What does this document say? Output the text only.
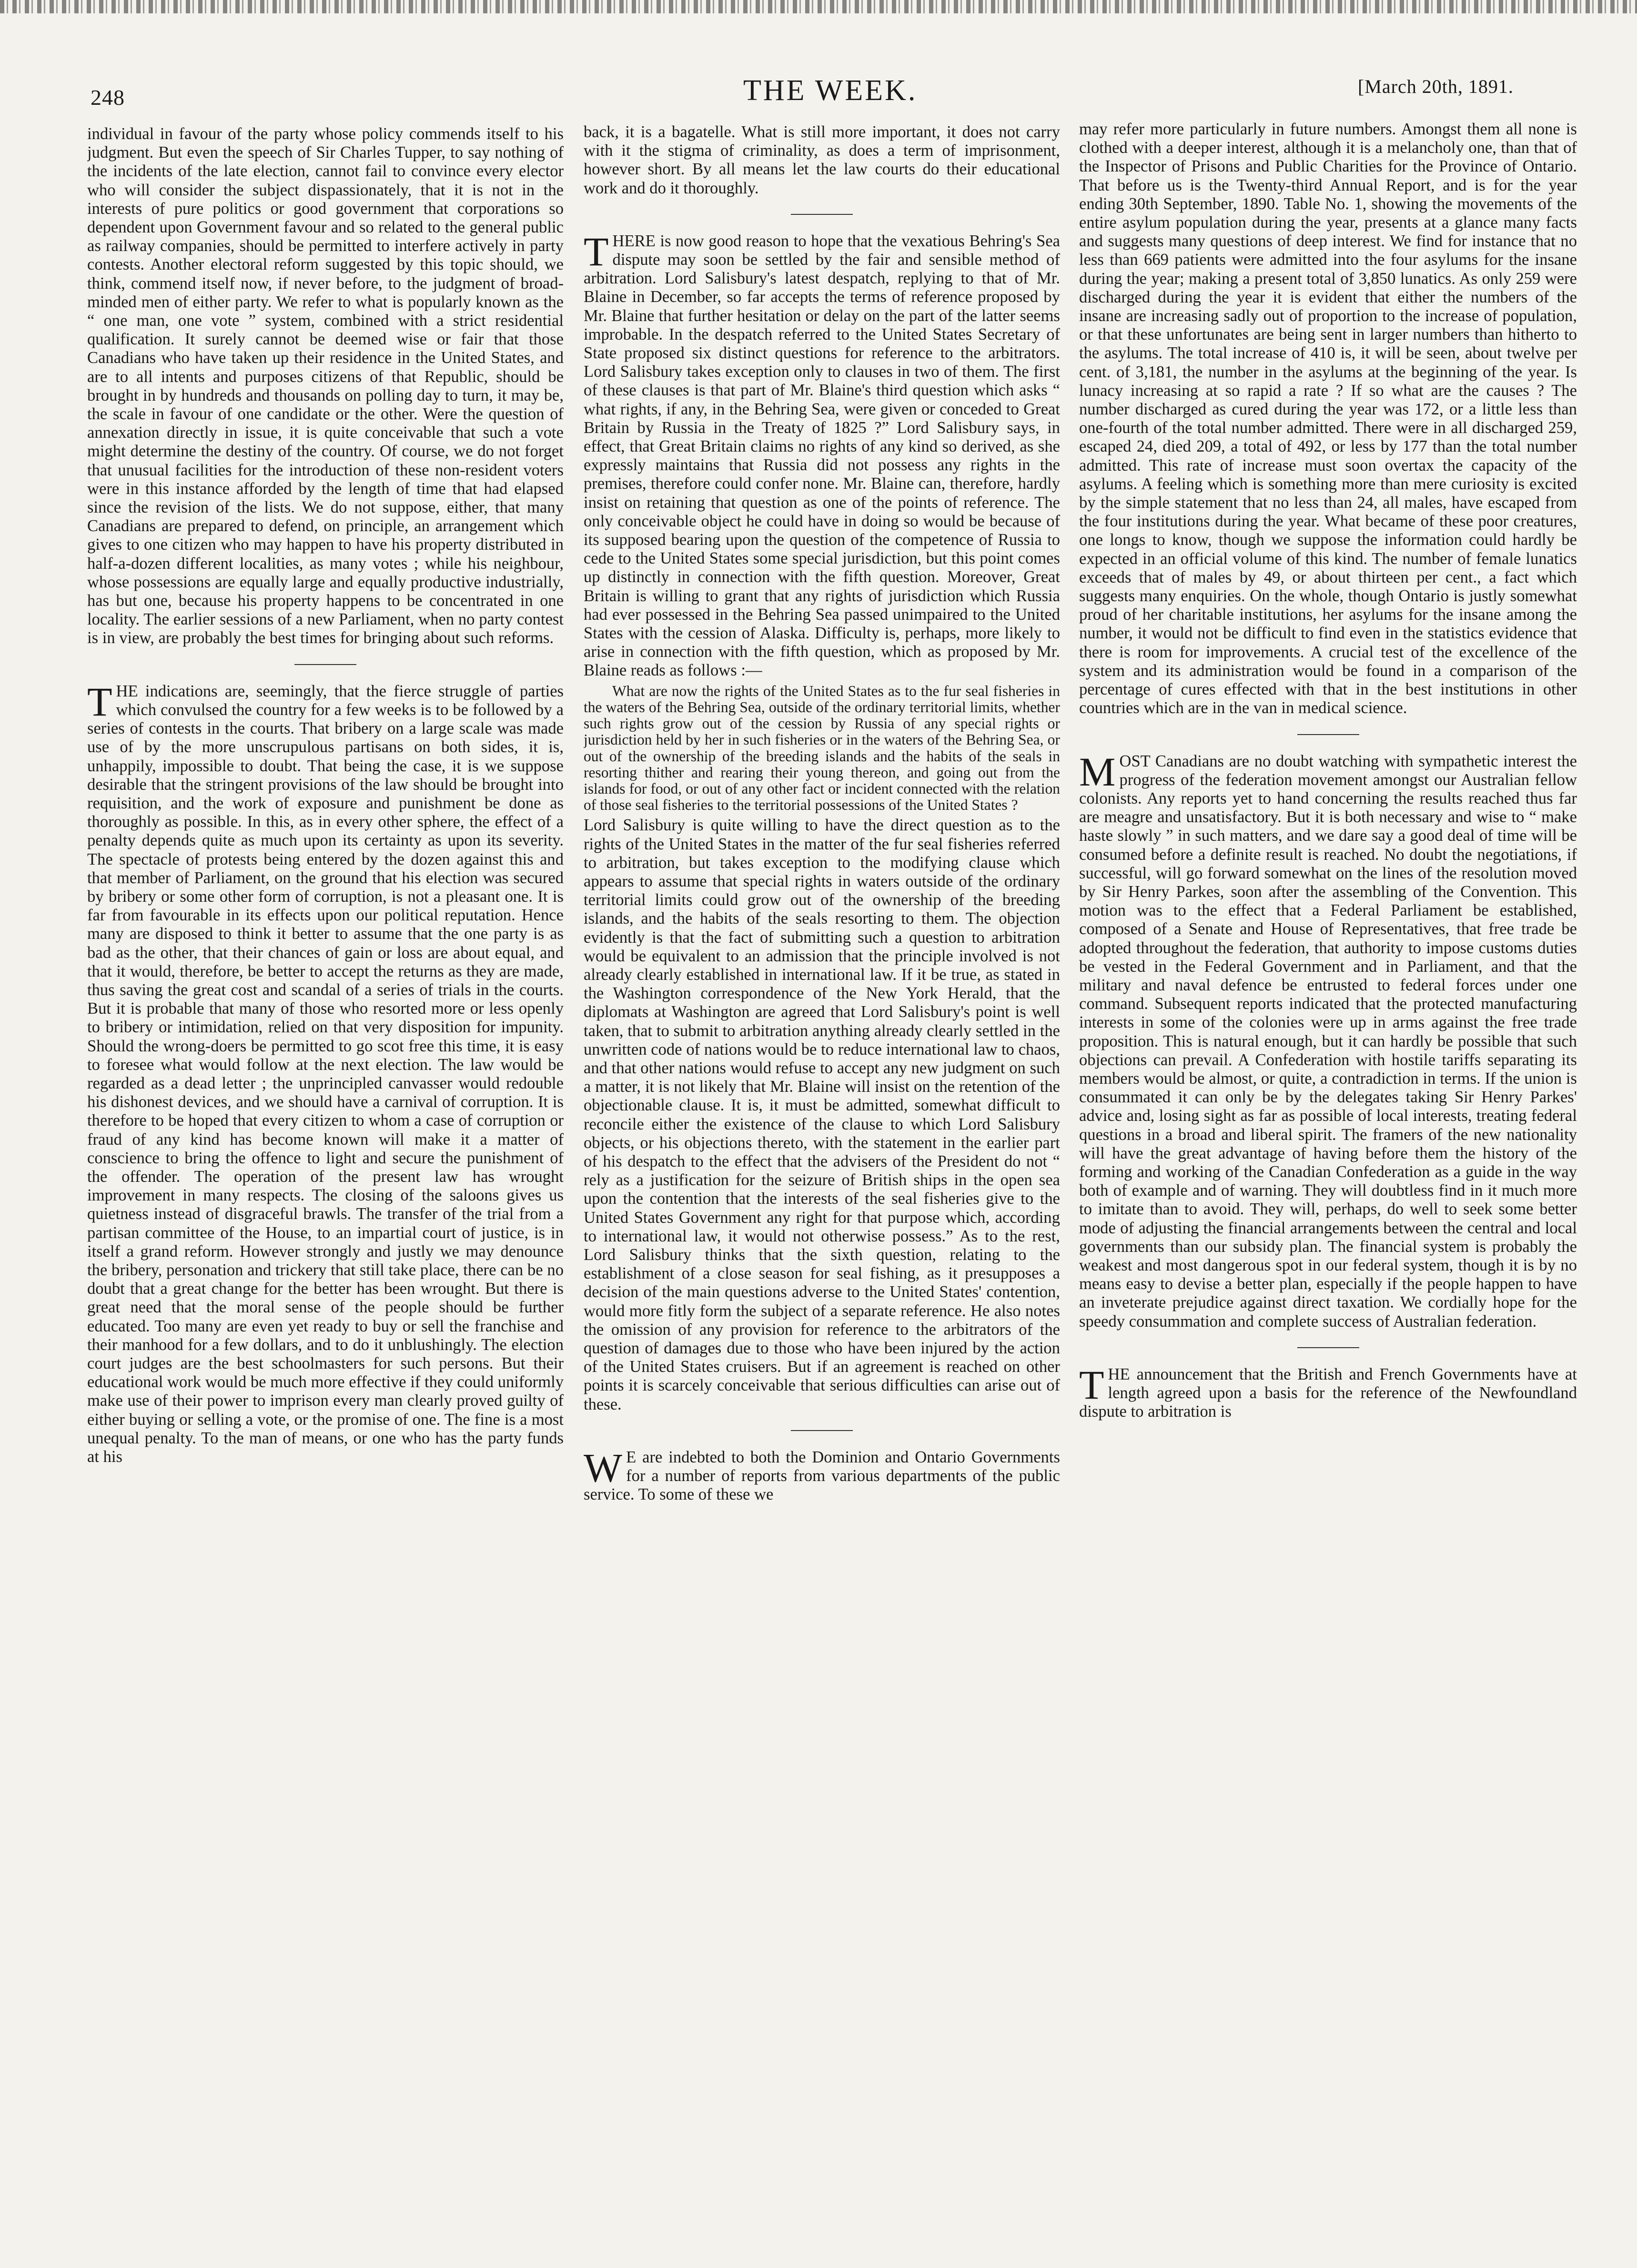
248	THE WEEK.	[March 20th, 1891.

individual in favour of the party whose policy commends itself to his judgment. But even the speech of Sir Charles Tupper, to say nothing of the incidents of the late election, cannot fail to convince every elector who will consider the subject dispassionately, that it is not in the interests of pure politics or good government that corporations so dependent upon Government favour and so related to the general public as railway companies, should be permitted to interfere actively in party contests. Another electoral reform suggested by this topic should, we think, commend itself now, if never before, to the judgment of broad-minded men of either party. We refer to what is popularly known as the “ one man, one vote ” system, combined with a strict residential qualification. It surely cannot be deemed wise or fair that those Canadians who have taken up their residence in the United States, and are to all intents and purposes citizens of that Republic, should be brought in by hundreds and thousands on polling day to turn, it may be, the scale in favour of one candidate or the other. Were the question of annexation directly in issue, it is quite conceivable that such a vote might determine the destiny of the country. Of course, we do not forget that unusual facilities for the introduction of these non-resident voters were in this instance afforded by the length of time that had elapsed since the revision of the lists. We do not suppose, either, that many Canadians are prepared to defend, on principle, an arrangement which gives to one citizen who may happen to have his property distributed in half-a-dozen different localities, as many votes ; while his neighbour, whose possessions are equally large and equally productive industrially, has but one, because his property happens to be concentrated in one locality. The earlier sessions of a new Parliament, when no party contest is in view, are probably the best times for bringing about such reforms.

THE indications are, seemingly, that the fierce struggle of parties which convulsed the country for a few weeks is to be followed by a series of contests in the courts. That bribery on a large scale was made use of by the more unscrupulous partisans on both sides, it is, unhappily, impossible to doubt. That being the case, it is we suppose desirable that the stringent provisions of the law should be brought into requisition, and the work of exposure and punishment be done as thoroughly as possible. In this, as in every other sphere, the effect of a penalty depends quite as much upon its certainty as upon its severity. The spectacle of protests being entered by the dozen against this and that member of Parliament, on the ground that his election was secured by bribery or some other form of corruption, is not a pleasant one. It is far from favourable in its effects upon our political reputation. Hence many are disposed to think it better to assume that the one party is as bad as the other, that their chances of gain or loss are about equal, and that it would, therefore, be better to accept the returns as they are made, thus saving the great cost and scandal of a series of trials in the courts. But it is probable that many of those who resorted more or less openly to bribery or intimidation, relied on that very disposition for impunity. Should the wrong-doers be permitted to go scot free this time, it is easy to foresee what would follow at the next election. The law would be regarded as a dead letter ; the unprincipled canvasser would redouble his dishonest devices, and we should have a carnival of corruption. It is therefore to be hoped that every citizen to whom a case of corruption or fraud of any kind has become known will make it a matter of conscience to bring the offence to light and secure the punishment of the offender. The operation of the present law has wrought improvement in many respects. The closing of the saloons gives us quietness instead of disgraceful brawls. The transfer of the trial from a partisan committee of the House, to an impartial court of justice, is in itself a grand reform. However strongly and justly we may denounce the bribery, personation and trickery that still take place, there can be no doubt that a great change for the better has been wrought. But there is great need that the moral sense of the people should be further educated. Too many are even yet ready to buy or sell the franchise and their manhood for a few dollars, and to do it unblushingly. The election court judges are the best schoolmasters for such persons. But their educational work would be much more effective if they could uniformly make use of their power to imprison every man clearly proved guilty of either buying or selling a vote, or the promise of one. The fine is a most unequal penalty. To the man of means, or one who has the party funds at his

back, it is a bagatelle. What is still more important, it does not carry with it the stigma of criminality, as does a term of imprisonment, however short. By all means let the law courts do their educational work and do it thoroughly.

THERE is now good reason to hope that the vexatious Behring's Sea dispute may soon be settled by the fair and sensible method of arbitration. Lord Salisbury's latest despatch, replying to that of Mr. Blaine in December, so far accepts the terms of reference proposed by Mr. Blaine that further hesitation or delay on the part of the latter seems improbable. In the despatch referred to the United States Secretary of State proposed six distinct questions for reference to the arbitrators. Lord Salisbury takes exception only to clauses in two of them. The first of these clauses is that part of Mr. Blaine's third question which asks “ what rights, if any, in the Behring Sea, were given or conceded to Great Britain by Russia in the Treaty of 1825 ?” Lord Salisbury says, in effect, that Great Britain claims no rights of any kind so derived, as she expressly maintains that Russia did not possess any rights in the premises, therefore could confer none. Mr. Blaine can, therefore, hardly insist on retaining that question as one of the points of reference. The only conceivable object he could have in doing so would be because of its supposed bearing upon the question of the competence of Russia to cede to the United States some special jurisdiction, but this point comes up distinctly in connection with the fifth question. Moreover, Great Britain is willing to grant that any rights of jurisdiction which Russia had ever possessed in the Behring Sea passed unimpaired to the United States with the cession of Alaska. Difficulty is, perhaps, more likely to arise in connection with the fifth question, which as proposed by Mr. Blaine reads as follows :—

What are now the rights of the United States as to the fur seal fisheries in the waters of the Behring Sea, outside of the ordinary territorial limits, whether such rights grow out of the cession by Russia of any special rights or jurisdiction held by her in such fisheries or in the waters of the Behring Sea, or out of the ownership of the breeding islands and the habits of the seals in resorting thither and rearing their young thereon, and going out from the islands for food, or out of any other fact or incident connected with the relation of those seal fisheries to the territorial possessions of the United States ?

Lord Salisbury is quite willing to have the direct question as to the rights of the United States in the matter of the fur seal fisheries referred to arbitration, but takes exception to the modifying clause which appears to assume that special rights in waters outside of the ordinary territorial limits could grow out of the ownership of the breeding islands, and the habits of the seals resorting to them. The objection evidently is that the fact of submitting such a question to arbitration would be equivalent to an admission that the principle involved is not already clearly established in international law. If it be true, as stated in the Washington correspondence of the New York Herald, that the diplomats at Washington are agreed that Lord Salisbury's point is well taken, that to submit to arbitration anything already clearly settled in the unwritten code of nations would be to reduce international law to chaos, and that other nations would refuse to accept any new judgment on such a matter, it is not likely that Mr. Blaine will insist on the retention of the objectionable clause. It is, it must be admitted, somewhat difficult to reconcile either the existence of the clause to which Lord Salisbury objects, or his objections thereto, with the statement in the earlier part of his despatch to the effect that the advisers of the President do not “ rely as a justification for the seizure of British ships in the open sea upon the contention that the interests of the seal fisheries give to the United States Government any right for that purpose which, according to international law, it would not otherwise possess.” As to the rest, Lord Salisbury thinks that the sixth question, relating to the establishment of a close season for seal fishing, as it presupposes a decision of the main questions adverse to the United States' contention, would more fitly form the subject of a separate reference. He also notes the omission of any provision for reference to the arbitrators of the question of damages due to those who have been injured by the action of the United States cruisers. But if an agreement is reached on other points it is scarcely conceivable that serious difficulties can arise out of these.

WE are indebted to both the Dominion and Ontario Governments for a number of reports from various departments of the public service. To some of these we

may refer more particularly in future numbers. Amongst them all none is clothed with a deeper interest, although it is a melancholy one, than that of the Inspector of Prisons and Public Charities for the Province of Ontario. That before us is the Twenty-third Annual Report, and is for the year ending 30th September, 1890. Table No. 1, showing the movements of the entire asylum population during the year, presents at a glance many facts and suggests many questions of deep interest. We find for instance that no less than 669 patients were admitted into the four asylums for the insane during the year; making a present total of 3,850 lunatics. As only 259 were discharged during the year it is evident that either the numbers of the insane are increasing sadly out of proportion to the increase of population, or that these unfortunates are being sent in larger numbers than hitherto to the asylums. The total increase of 410 is, it will be seen, about twelve per cent. of 3,181, the number in the asylums at the beginning of the year. Is lunacy increasing at so rapid a rate ? If so what are the causes ? The number discharged as cured during the year was 172, or a little less than one-fourth of the total number admitted. There were in all discharged 259, escaped 24, died 209, a total of 492, or less by 177 than the total number admitted. This rate of increase must soon overtax the capacity of the asylums. A feeling which is something more than mere curiosity is excited by the simple statement that no less than 24, all males, have escaped from the four institutions during the year. What became of these poor creatures, one longs to know, though we suppose the information could hardly be expected in an official volume of this kind. The number of female lunatics exceeds that of males by 49, or about thirteen per cent., a fact which suggests many enquiries. On the whole, though Ontario is justly somewhat proud of her charitable institutions, her asylums for the insane among the number, it would not be difficult to find even in the statistics evidence that there is room for improvements. A crucial test of the excellence of the system and its administration would be found in a comparison of the percentage of cures effected with that in the best institutions in other countries which are in the van in medical science.

MOST Canadians are no doubt watching with sympathetic interest the progress of the federation movement amongst our Australian fellow colonists. Any reports yet to hand concerning the results reached thus far are meagre and unsatisfactory. But it is both necessary and wise to “ make haste slowly ” in such matters, and we dare say a good deal of time will be consumed before a definite result is reached. No doubt the negotiations, if successful, will go forward somewhat on the lines of the resolution moved by Sir Henry Parkes, soon after the assembling of the Convention. This motion was to the effect that a Federal Parliament be established, composed of a Senate and House of Representatives, that free trade be adopted throughout the federation, that authority to impose customs duties be vested in the Federal Government and in Parliament, and that the military and naval defence be entrusted to federal forces under one command. Subsequent reports indicated that the protected manufacturing interests in some of the colonies were up in arms against the free trade proposition. This is natural enough, but it can hardly be possible that such objections can prevail. A Confederation with hostile tariffs separating its members would be almost, or quite, a contradiction in terms. If the union is consummated it can only be by the delegates taking Sir Henry Parkes' advice and, losing sight as far as possible of local interests, treating federal questions in a broad and liberal spirit. The framers of the new nationality will have the great advantage of having before them the history of the forming and working of the Canadian Confederation as a guide in the way both of example and of warning. They will doubtless find in it much more to imitate than to avoid. They will, perhaps, do well to seek some better mode of adjusting the financial arrangements between the central and local governments than our subsidy plan. The financial system is probably the weakest and most dangerous spot in our federal system, though it is by no means easy to devise a better plan, especially if the people happen to have an inveterate prejudice against direct taxation. We cordially hope for the speedy consummation and complete success of Australian federation.

THE announcement that the British and French Governments have at length agreed upon a basis for the reference of the Newfoundland dispute to arbitration is
